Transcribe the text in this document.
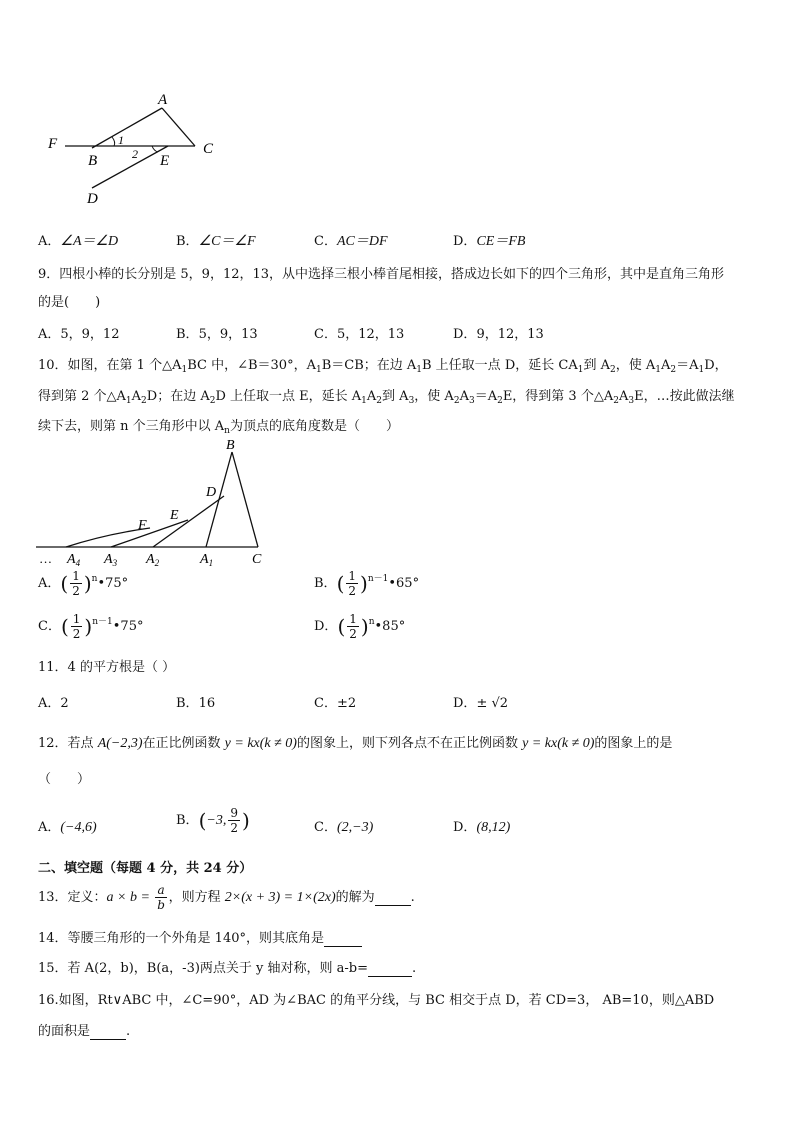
A
F	C
B	E
D
1
2
A．∠A＝∠D	B．∠C＝∠F	C．AC＝DF	D．CE＝FB
9．四根小棒的长分别是 5，9，12，13，从中选择三根小棒首尾相接，搭成边长如下的四个三角形，其中是直角三角形
的是(　　)
A．5，9，12	B．5，9，13	C．5，12，13	D．9，12，13
10．如图，在第 1 个$\triangle A_1BC$ 中，∠B＝30°，$A_1B=CB$；在边 $A_1B$ 上任取一点 D，延长 $CA_1$到 $A_2$，使 $A_1A_2=A_1D$，
得到第 2 个$\triangle A_1A_2D$；在边 $A_2D$ 上任取一点 E，延长 $A_1A_2$到 $A_3$，使 $A_2A_3=A_2E$，得到第 3 个$\triangle A_2A_3E$，…按此做法继
续下去，则第 n 个三角形中以 $A_n$为顶点的底角度数是（　　）
B
D
E
F
… $A_4$ $A_3$ $A_2$	$A_1$	C
A．( $\frac{1}{2}$ )$^n$•75°	B．( $\frac{1}{2}$ )$^{n-1}$•65°
C．( $\frac{1}{2}$ )$^{n-1}$•75°	D．( $\frac{1}{2}$ )$^n$•85°
11．4 的平方根是（ ）
A．2	B．16	C．±2	D．± √2
12．若点 A(−2,3)在正比例函数 y = kx(k ≠ 0)的图象上，则下列各点不在正比例函数 y = kx(k ≠ 0)的图象上的是
（　　）
A．(−4,6)	B．(−3, $\frac{9}{2}$ )	C．(2,−3)	D．(8,12)
二、填空题（每题 4 分，共 24 分）
13．定义：$a \times b = \frac{a}{b}$ ，则方程 2×(x + 3) = 1×(2x)的解为	.
14．等腰三角形的一个外角是 140°，则其底角是
15．若 A(2，b)，B(a，-3)两点关于 y 轴对称，则 a-b=	.
16.如图，Rt∨ABC 中，∠C=90°，AD 为∠BAC 的角平分线，与 BC 相交于点 D，若 CD=3， AB=10，则△ABD
的面积是	.
